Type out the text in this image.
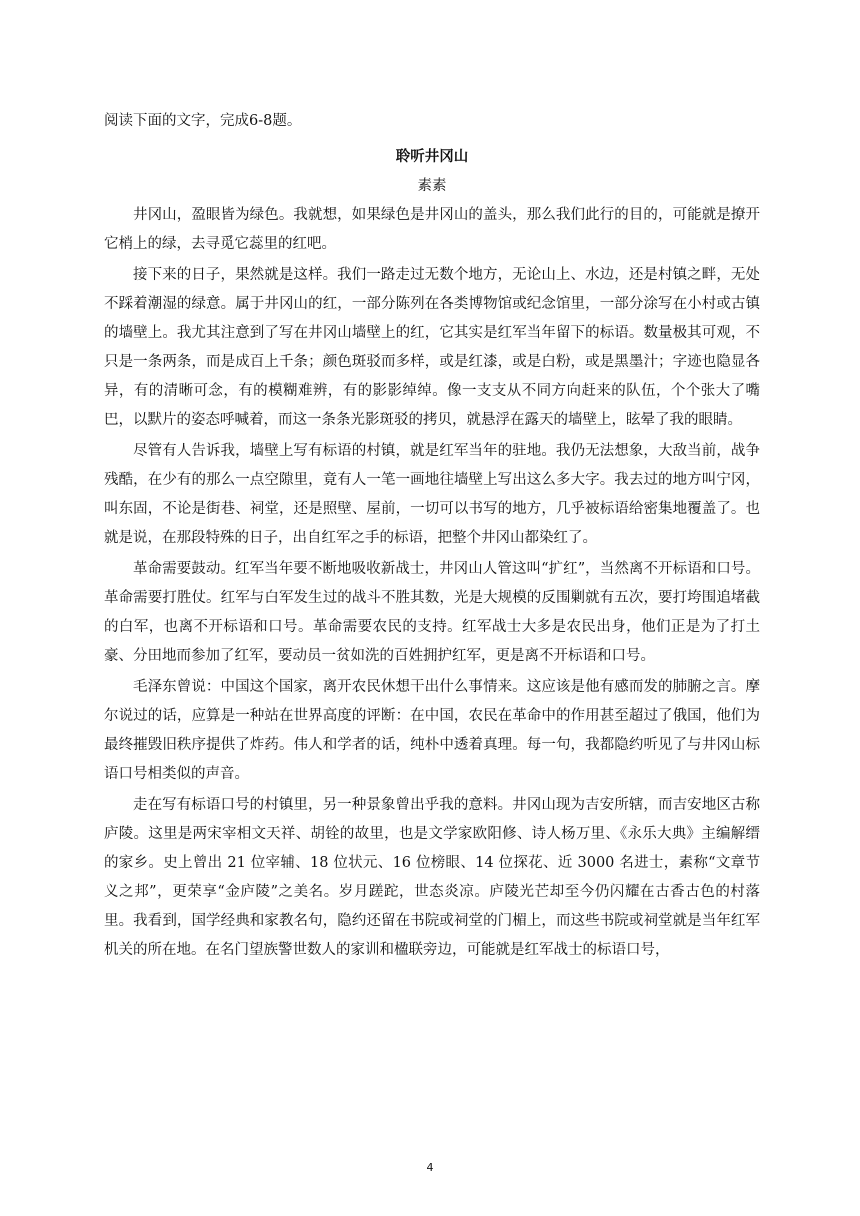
阅读下面的文字，完成6-8题。

聆听井冈山

素素

井冈山，盈眼皆为绿色。我就想，如果绿色是井冈山的盖头，那么我们此行的目的，可能就是撩开它梢上的绿，去寻觅它蕊里的红吧。

接下来的日子，果然就是这样。我们一路走过无数个地方，无论山上、水边，还是村镇之畔，无处不踩着潮湿的绿意。属于井冈山的红，一部分陈列在各类博物馆或纪念馆里，一部分涂写在小村或古镇的墙壁上。我尤其注意到了写在井冈山墙壁上的红，它其实是红军当年留下的标语。数量极其可观，不只是一条两条，而是成百上千条；颜色斑驳而多样，或是红漆，或是白粉，或是黑墨汁；字迹也隐显各异，有的清晰可念，有的模糊难辨，有的影影绰绰。像一支支从不同方向赶来的队伍，个个张大了嘴巴，以默片的姿态呼喊着，而这一条条光影斑驳的拷贝，就悬浮在露天的墙壁上，眩晕了我的眼睛。

尽管有人告诉我，墙壁上写有标语的村镇，就是红军当年的驻地。我仍无法想象，大敌当前，战争残酷，在少有的那么一点空隙里，竟有人一笔一画地往墙壁上写出这么多大字。我去过的地方叫宁冈，叫东固，不论是街巷、祠堂，还是照壁、屋前，一切可以书写的地方，几乎被标语给密集地覆盖了。也就是说，在那段特殊的日子，出自红军之手的标语，把整个井冈山都染红了。

革命需要鼓动。红军当年要不断地吸收新战士，井冈山人管这叫“扩红”，当然离不开标语和口号。革命需要打胜仗。红军与白军发生过的战斗不胜其数，光是大规模的反围剿就有五次，要打垮围追堵截的白军，也离不开标语和口号。革命需要农民的支持。红军战士大多是农民出身，他们正是为了打土豪、分田地而参加了红军，要动员一贫如洗的百姓拥护红军，更是离不开标语和口号。

毛泽东曾说：中国这个国家，离开农民休想干出什么事情来。这应该是他有感而发的肺腑之言。摩尔说过的话，应算是一种站在世界高度的评断：在中国，农民在革命中的作用甚至超过了俄国，他们为最终摧毁旧秩序提供了炸药。伟人和学者的话，纯朴中透着真理。每一句，我都隐约听见了与井冈山标语口号相类似的声音。

走在写有标语口号的村镇里，另一种景象曾出乎我的意料。井冈山现为吉安所辖，而吉安地区古称庐陵。这里是两宋宰相文天祥、胡铨的故里，也是文学家欧阳修、诗人杨万里、《永乐大典》主编解缙的家乡。史上曾出 21 位宰辅、18 位状元、16 位榜眼、14 位探花、近 3000 名进士，素称“文章节义之邦”，更荣享“金庐陵”之美名。岁月蹉跎，世态炎凉。庐陵光芒却至今仍闪耀在古香古色的村落里。我看到，国学经典和家教名句，隐约还留在书院或祠堂的门楣上，而这些书院或祠堂就是当年红军机关的所在地。在名门望族警世数人的家训和楹联旁边，可能就是红军战士的标语口号，

4
